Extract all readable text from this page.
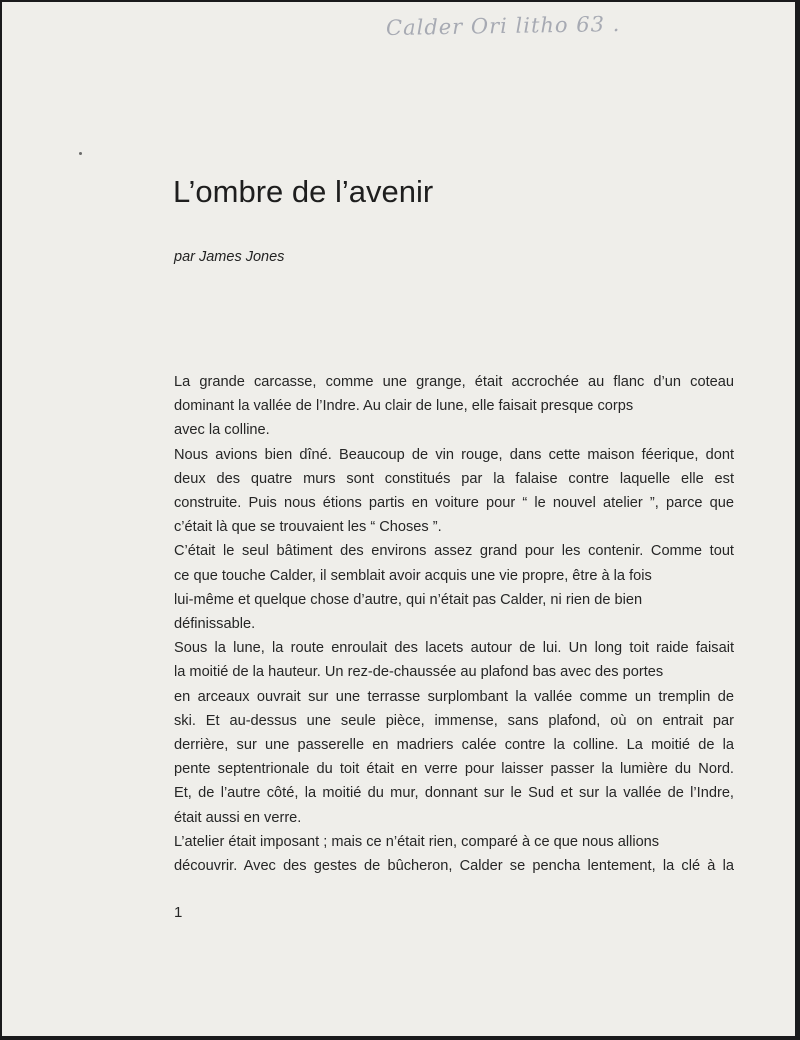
Calder Ori litho 63 .
L’ombre de l’avenir

par James Jones

La grande carcasse, comme une grange, était accrochée au flanc d’un coteau
dominant la vallée de l’Indre. Au clair de lune, elle faisait presque corps
avec la colline.
Nous avions bien dîné. Beaucoup de vin rouge, dans cette maison féerique, dont
deux des quatre murs sont constitués par la falaise contre laquelle elle est
construite. Puis nous étions partis en voiture pour “ le nouvel atelier ”, parce que
c’était là que se trouvaient les “ Choses ”.
C’était le seul bâtiment des environs assez grand pour les contenir. Comme tout
ce que touche Calder, il semblait avoir acquis une vie propre, être à la fois
lui-même et quelque chose d’autre, qui n’était pas Calder, ni rien de bien
définissable.
Sous la lune, la route enroulait des lacets autour de lui. Un long toit raide faisait
la moitié de la hauteur. Un rez-de-chaussée au plafond bas avec des portes
en arceaux ouvrait sur une terrasse surplombant la vallée comme un tremplin de
ski. Et au-dessus une seule pièce, immense, sans plafond, où on entrait par
derrière, sur une passerelle en madriers calée contre la colline. La moitié de la
pente septentrionale du toit était en verre pour laisser passer la lumière du Nord.
Et, de l’autre côté, la moitié du mur, donnant sur le Sud et sur la vallée de l’Indre,
était aussi en verre.
L’atelier était imposant ; mais ce n’était rien, comparé à ce que nous allions
découvrir. Avec des gestes de bûcheron, Calder se pencha lentement, la clé à la
1
